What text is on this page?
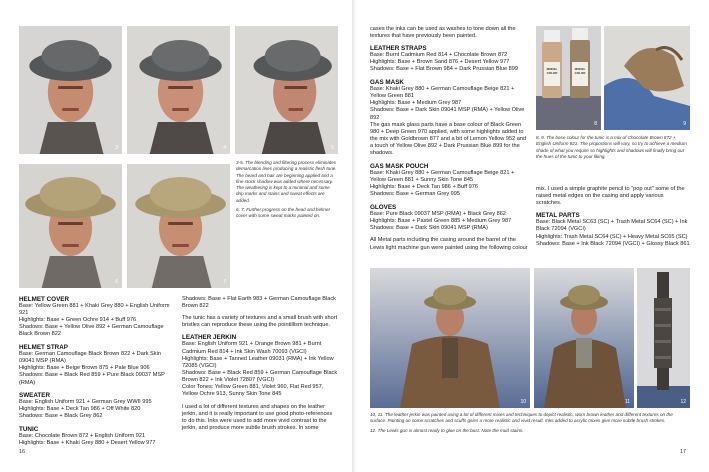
3	4	5
6	7

3-5. The blending and filtering process eliminates demarcation lines producing a realistic flesh tone. The beard and hair are beginning applied and a fine stock shadow was added where necessary. The weathering is kept to a minimal and some drip marks and stains and sweat effects are added.

6, 7. Further progress on the head and helmet cover with some sweat marks painted on.

HELMET COVER

Base: Yellow Green 881 + Khaki Grey 880 + English Uniform 921

Highlights: Base + Green Ochre 914 + Buff 976

Shadows: Base + Yellow Olive 892 + German Camouflage Black Brown 822

HELMET STRAP

Base: German Camouflage Black Brown 822 + Dark Skin 09041 MSP (RMA)

Highlights: Base + Beige Brown 875 + Pale Blue 906

Shadows: Base + Black Red 859 + Pure Black 09037 MSP (RMA)

SWEATER

Base: English Uniform 921 + German Grey WWII 995

Highlights: Base + Deck Tan 986 + Off White 820

Shadows: Base + Black Grey 862

TUNIC

Base: Chocolate Brown 872 + English Uniform 921

Highlights: Base + Khaki Grey 880 + Desert Yellow 977

Shadows: Base + Flat Earth 983 + German Camouflage Black Brown 822

The tunic has a variety of textures and a small brush with short bristles can reproduce these using the pointillism technique.

LEATHER JERKIN

Base: English Uniform 921 + Orange Brown 981 + Burnt Cadmium Red 814 + Ink Skin Wash 70093 (VGCI)

Highlights: Base + Tanned Leather 09031 (RMA) + Ink Yellow 72085 (VGCI)

Shadows: Base + Black Red 859 + German Camouflage Black Brown 822 + Ink Violet 72807 (VGCI)

Color Tones: Yellow Green 881, Violet 960, Flat Red 957, Yellow Ochre 913, Sunny Skin Tone 845

I used a lot of different textures and shapes on the leather jerkin, and it is really important to use good photo-references to do this. Inks were used to add more vivid contrast to the jerkin, and produce more subtle brush strokes. In some

16

cases the inks can be used as washes to tone down all the textures that have previously been painted.

LEATHER STRAPS

Base: Burnt Cadmium Red 814 + Chocolate Brown 872

Highlights: Base + Brown Sand 876 + Desert Yellow 977

Shadows: Base + Flat Brown 984 + Dark Prussian Blue 899

GAS MASK

Base: Khaki Grey 880 + German Camouflage Beige 821 + Yellow Green 881

Highlights: Base + Medium Grey 987

Shadows: Base + Dark Skin 09041 MSP (RMA) + Yellow Olive 892

The gas mask glass parts have a base colour of Black Green 980 + Deep Green 970 applied, with some highlights added to the mix with Goldbrown 877 and a bit of Lemon Yellow 952 and a touch of Yellow Olive 892 + Dark Prussian Blue 899 for the shadows.

GAS MASK POUCH

Base: Khaki Grey 880 + German Camouflage Beige 821 + Yellow Green 881 + Sunny Skin Tone 845

Highlights: Base + Deck Tan 986 + Buff 976

Shadows: Base + German Grey 995

GLOVES

Base: Pure Black 09037 MSP (RMA) + Black Grey 862

Highlights: Base + Pastel Green 885 + Medium Grey 987

Shadows: Base + Dark Skin 09041 MSP (RMA)

All Metal parts including the casing around the barrel of the Lewis light machine gun were painted using the following colour

MODEL COLOR
MODEL COLOR
8	9

8, 9. The base colour for the tunic is a mix of Chocolate Brown 872 + English Uniform 921. The proportions will vary, so try to achieve a medium shade of what you require so highlights and shadows will finally bring out the hues of the tunic to your liking.

mix. I used a simple graphite pencil to "pop out" some of the raised metal edges on the casing and apply various scratches.

METAL PARTS

Base: Black Metal SC63 (SC) + Trash Metal SC64 (SC) + Ink Black 72094 (VGCI)

Highlights: Trash Metal SC64 (SC) + Heavy Metal SC65 (SC)

Shadows: Base + Ink Black 72094 (VGCI) + Glossy Black 861

10	11	12

10, 11. The leather jerkin was painted using a lot of different mixes and techniques to depict realistic, worn brown leather and different textures on the surface. Painting on some scratches and scuffs gives a more realistic and vivid result. Inks added to acrylic mixes give more subtle brush strokes.

12. The Lewis gun is almost ready to glue on the bust. Note the mud stains.

17
